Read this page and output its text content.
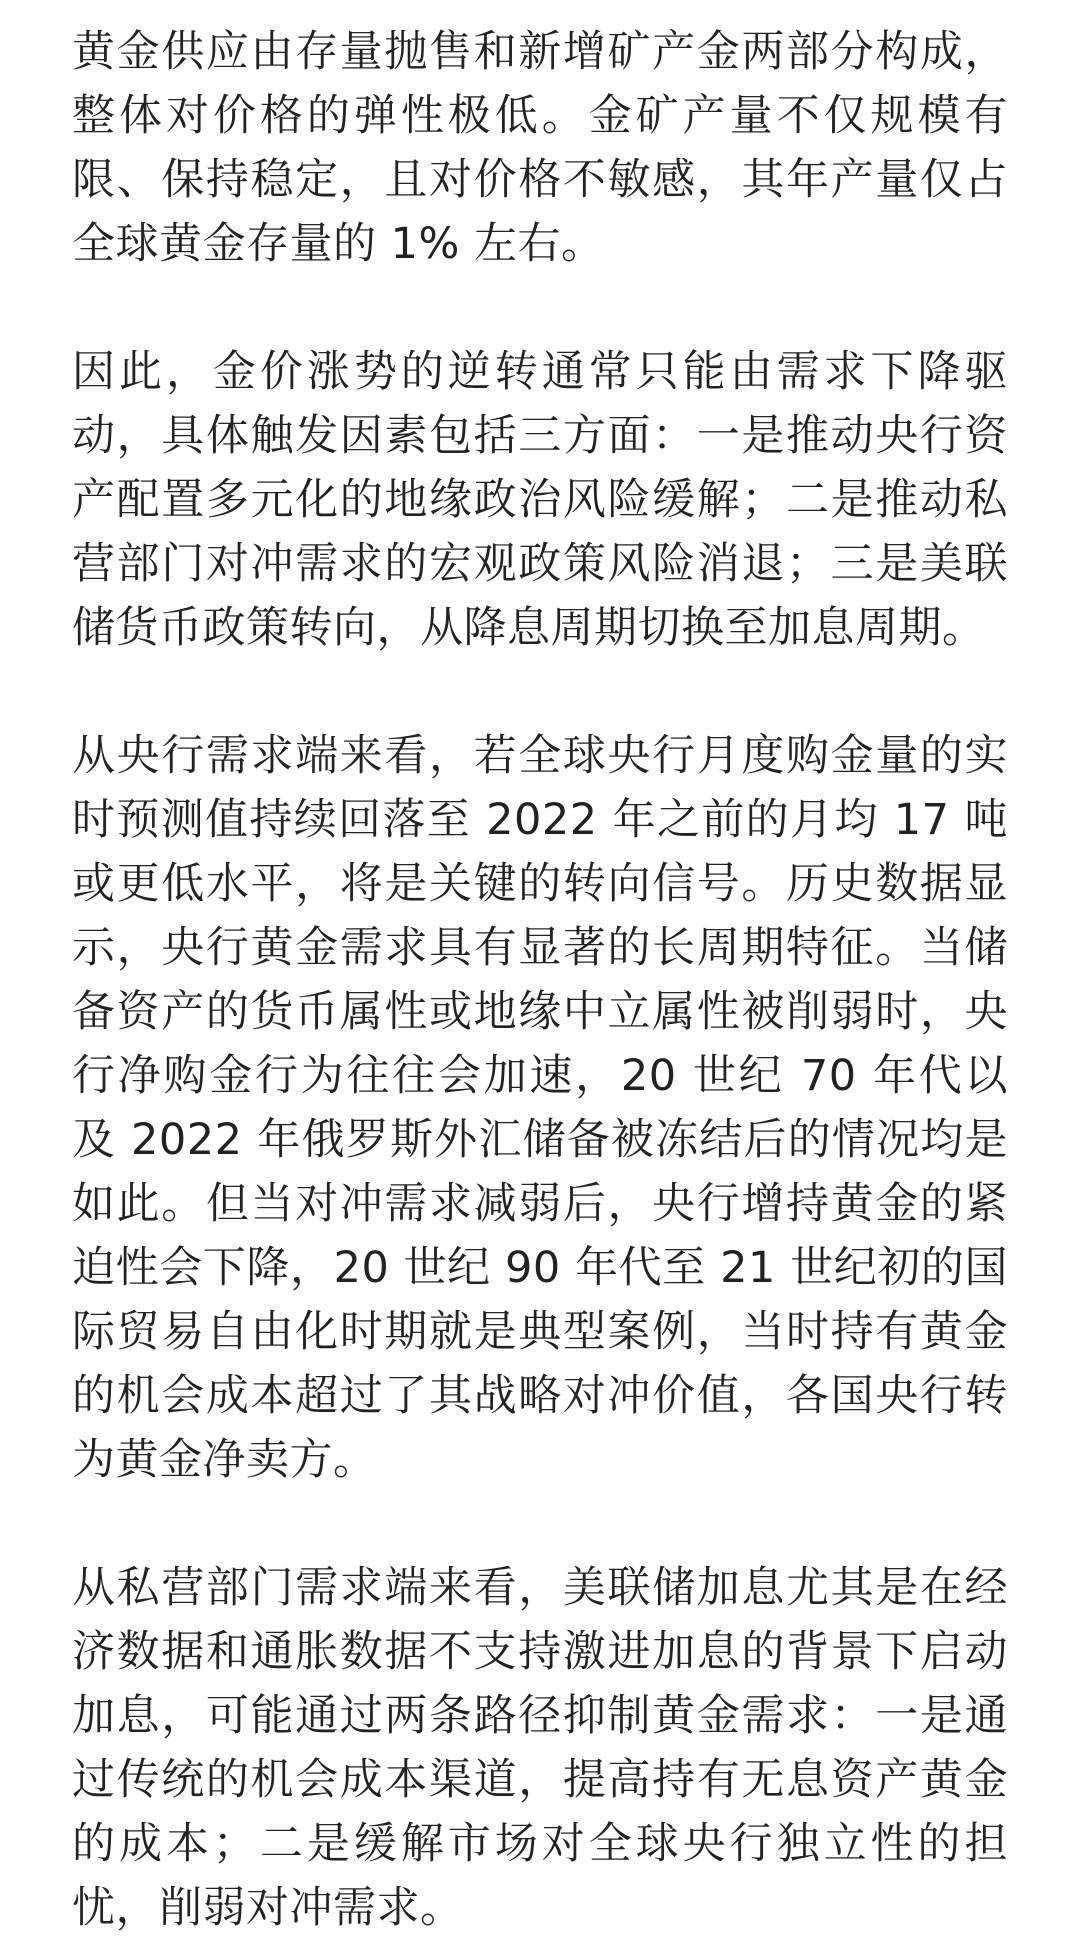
黄金供应由存量抛售和新增矿产金两部分构成，整体对价格的弹性极低。金矿产量不仅规模有限、保持稳定，且对价格不敏感，其年产量仅占全球黄金存量的 1% 左右。

因此，金价涨势的逆转通常只能由需求下降驱动，具体触发因素包括三方面：一是推动央行资产配置多元化的地缘政治风险缓解；二是推动私营部门对冲需求的宏观政策风险消退；三是美联储货币政策转向，从降息周期切换至加息周期。

从央行需求端来看，若全球央行月度购金量的实时预测值持续回落至 2022 年之前的月均 17 吨或更低水平，将是关键的转向信号。历史数据显示，央行黄金需求具有显著的长周期特征。当储备资产的货币属性或地缘中立属性被削弱时，央行净购金行为往往会加速，20 世纪 70 年代以及 2022 年俄罗斯外汇储备被冻结后的情况均是如此。但当对冲需求减弱后，央行增持黄金的紧迫性会下降，20 世纪 90 年代至 21 世纪初的国际贸易自由化时期就是典型案例，当时持有黄金的机会成本超过了其战略对冲价值，各国央行转为黄金净卖方。

从私营部门需求端来看，美联储加息尤其是在经济数据和通胀数据不支持激进加息的背景下启动加息，可能通过两条路径抑制黄金需求：一是通过传统的机会成本渠道，提高持有无息资产黄金的成本；二是缓解市场对全球央行独立性的担忧，削弱对冲需求。
